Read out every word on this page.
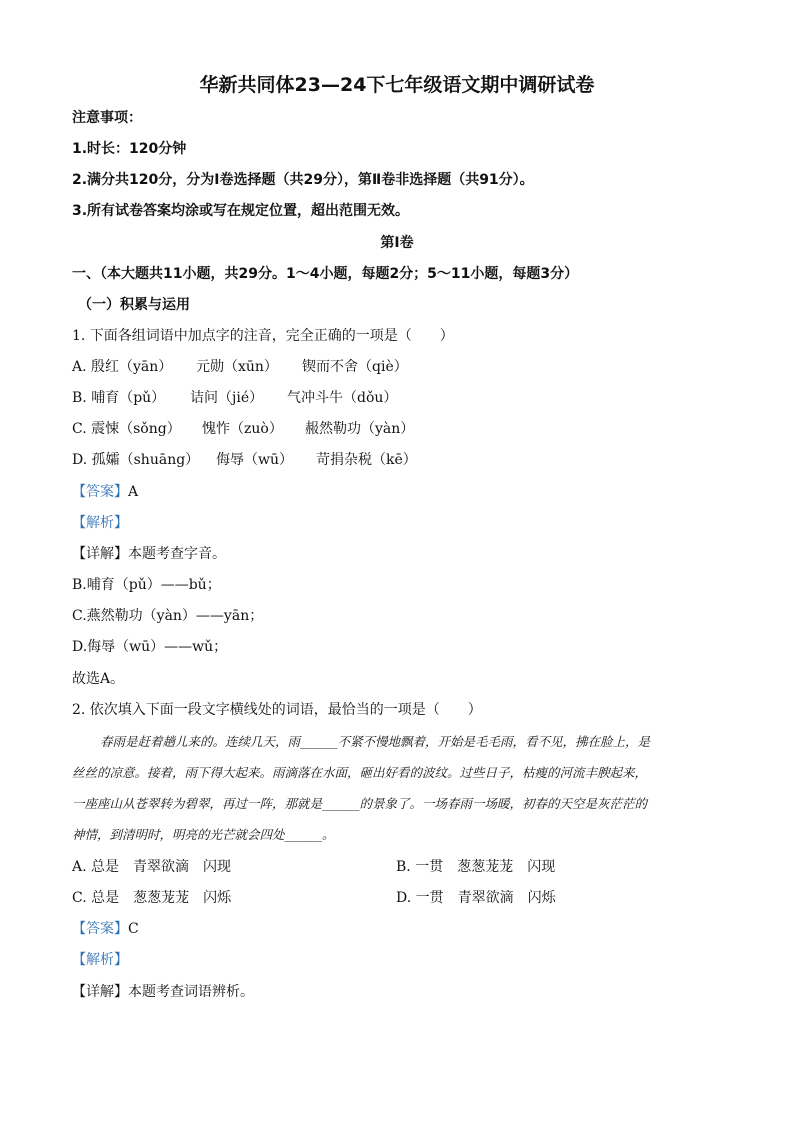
华新共同体23—24下七年级语文期中调研试卷
注意事项：
1.时长：120分钟
2.满分共120分，分为Ⅰ卷选择题（共29分），第Ⅱ卷非选择题（共91分）。
3.所有试卷答案均涂或写在规定位置，超出范围无效。
第Ⅰ卷
一、（本大题共11小题，共29分。1～4小题，每题2分；5～11小题，每题3分）
（一）积累与运用
1. 下面各组词语中加点字的注音，完全正确的一项是（　　）
A. 殷红（yān） 元勋（xūn） 锲而不舍（qiè）
B. 哺育（pǔ） 诘问（jié） 气冲斗牛（dǒu）
C. 震悚（sǒng） 愧怍（zuò） 赧然勒功（yàn）
D. 孤孀（shuāng） 侮辱（wū） 苛捐杂税（kē）
【答案】A
【解析】
【详解】本题考查字音。
B.哺育（pǔ）——bǔ；
C.燕然勒功（yàn）——yān；
D.侮辱（wū）——wǔ；
故选A。
2. 依次填入下面一段文字横线处的词语，最恰当的一项是（　　）
春雨是赶着趟儿来的。连续几天，雨______不紧不慢地飘着，开始是毛毛雨，看不见，拂在脸上，是
丝丝的凉意。接着，雨下得大起来。雨滴落在水面，砸出好看的波纹。过些日子，枯瘦的河流丰腴起来，
一座座山从苍翠转为碧翠，再过一阵，那就是______的景象了。一场春雨一场暖，初春的天空是灰茫茫的
神情，到清明时，明亮的光芒就会四处______。
A. 总是　青翠欲滴　闪现	B. 一贯　葱葱茏茏　闪现
C. 总是　葱葱茏茏　闪烁	D. 一贯　青翠欲滴　闪烁
【答案】C
【解析】
【详解】本题考查词语辨析。
